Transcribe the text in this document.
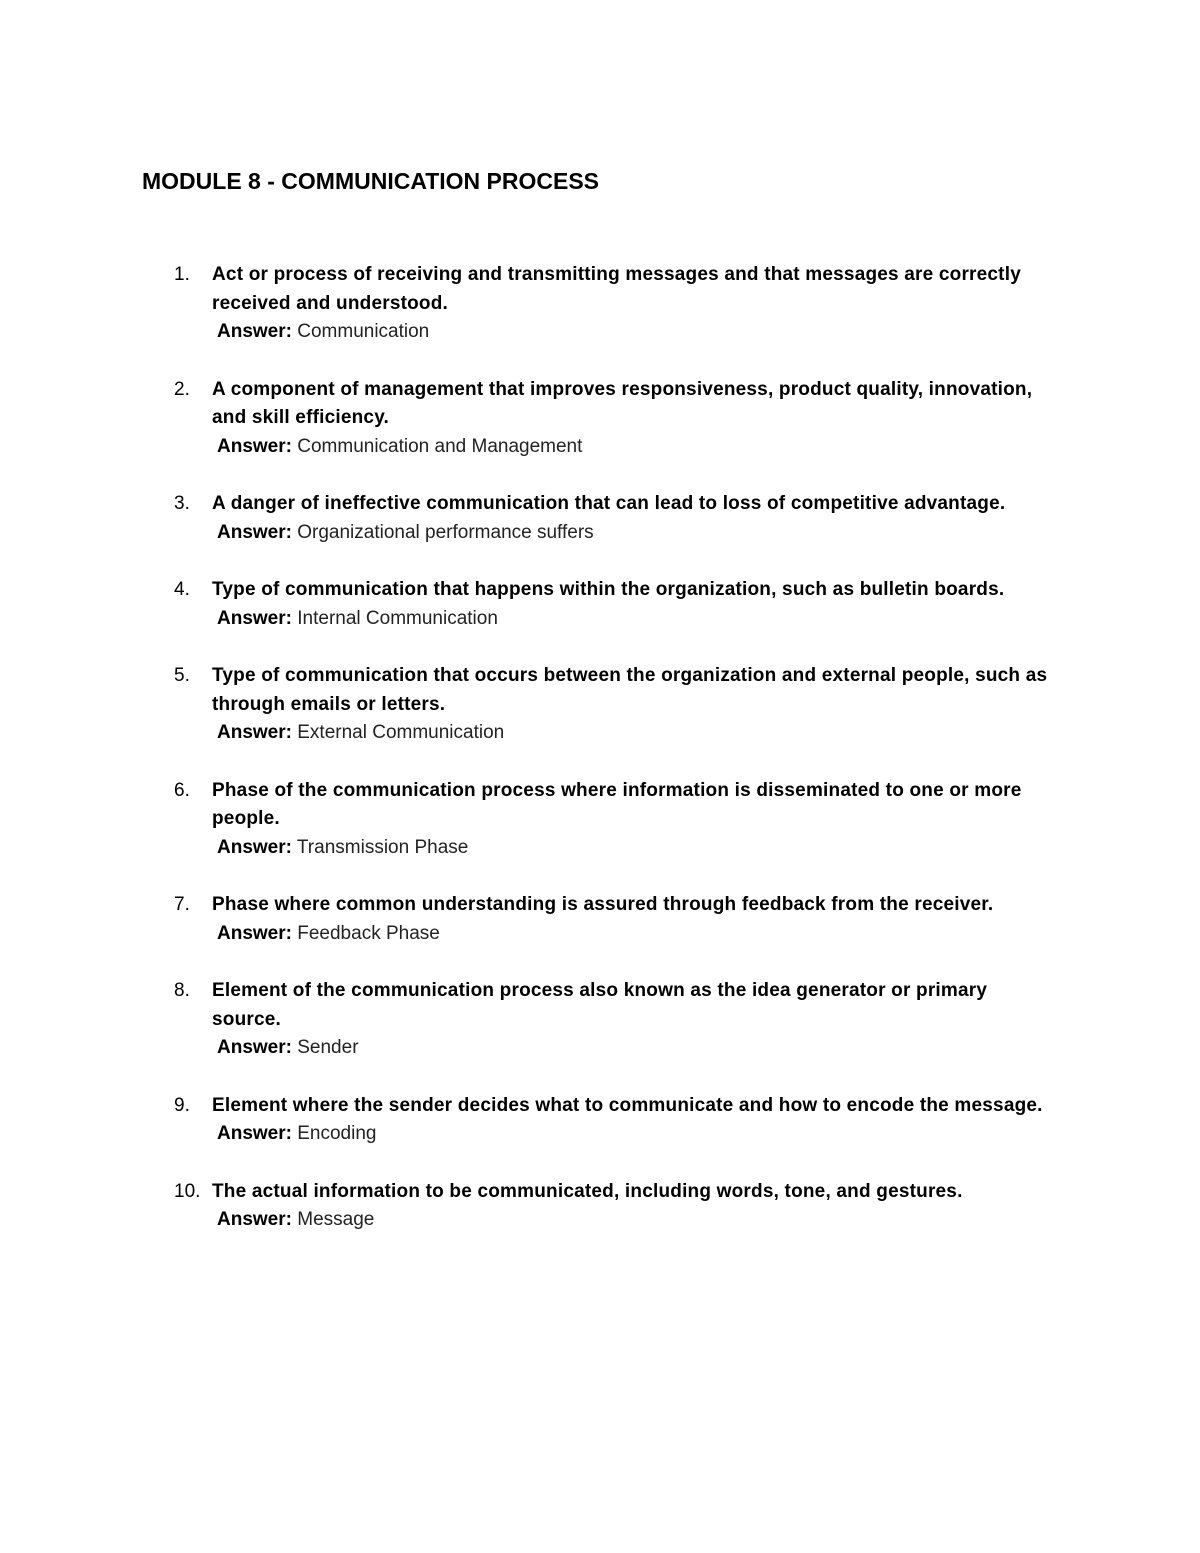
MODULE 8 - COMMUNICATION PROCESS
1.	Act or process of receiving and transmitting messages and that messages are correctly received and understood.
Answer: Communication
2.	A component of management that improves responsiveness, product quality, innovation, and skill efficiency.
Answer: Communication and Management
3.	A danger of ineffective communication that can lead to loss of competitive advantage.
Answer: Organizational performance suffers
4.	Type of communication that happens within the organization, such as bulletin boards.
Answer: Internal Communication
5.	Type of communication that occurs between the organization and external people, such as through emails or letters.
Answer: External Communication
6.	Phase of the communication process where information is disseminated to one or more people.
Answer: Transmission Phase
7.	Phase where common understanding is assured through feedback from the receiver.
Answer: Feedback Phase
8.	Element of the communication process also known as the idea generator or primary source.
Answer: Sender
9.	Element where the sender decides what to communicate and how to encode the message.
Answer: Encoding
10. The actual information to be communicated, including words, tone, and gestures.
Answer: Message
